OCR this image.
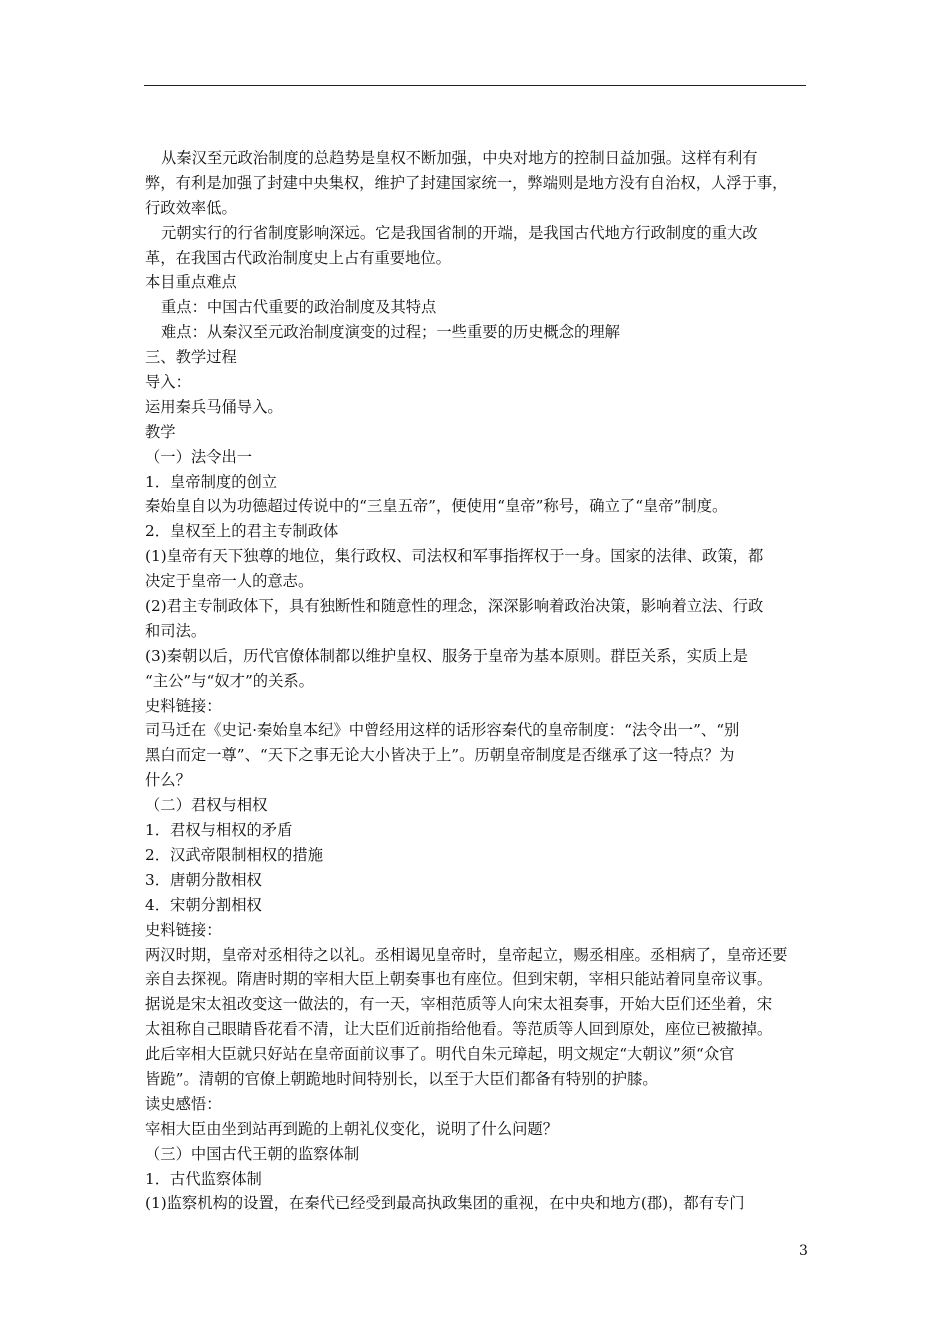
从秦汉至元政治制度的总趋势是皇权不断加强，中央对地方的控制日益加强。这样有利有
弊，有利是加强了封建中央集权，维护了封建国家统一，弊端则是地方没有自治权，人浮于事，
行政效率低。
元朝实行的行省制度影响深远。它是我国省制的开端，是我国古代地方行政制度的重大改
革，在我国古代政治制度史上占有重要地位。
本目重点难点
重点：中国古代重要的政治制度及其特点
难点：从秦汉至元政治制度演变的过程；一些重要的历史概念的理解
三、教学过程
导入：
运用秦兵马俑导入。
教学
（一）法令出一
1．皇帝制度的创立
秦始皇自以为功德超过传说中的“三皇五帝”，便使用“皇帝”称号，确立了“皇帝”制度。
2．皇权至上的君主专制政体
(1)皇帝有天下独尊的地位，集行政权、司法权和军事指挥权于一身。国家的法律、政策，都
决定于皇帝一人的意志。
(2)君主专制政体下，具有独断性和随意性的理念，深深影响着政治决策，影响着立法、行政
和司法。
(3)秦朝以后，历代官僚体制都以维护皇权、服务于皇帝为基本原则。群臣关系，实质上是
“主公”与“奴才”的关系。
史料链接：
司马迁在《史记·秦始皇本纪》中曾经用这样的话形容秦代的皇帝制度：“法令出一”、“别
黑白而定一尊”、“天下之事无论大小皆决于上”。历朝皇帝制度是否继承了这一特点？为
什么？
（二）君权与相权
1．君权与相权的矛盾
2．汉武帝限制相权的措施
3．唐朝分散相权
4．宋朝分割相权
史料链接：
两汉时期，皇帝对丞相待之以礼。丞相谒见皇帝时，皇帝起立，赐丞相座。丞相病了，皇帝还要
亲自去探视。隋唐时期的宰相大臣上朝奏事也有座位。但到宋朝，宰相只能站着同皇帝议事。
据说是宋太祖改变这一做法的，有一天，宰相范质等人向宋太祖奏事，开始大臣们还坐着，宋
太祖称自己眼睛昏花看不清，让大臣们近前指给他看。等范质等人回到原处，座位已被撤掉。
此后宰相大臣就只好站在皇帝面前议事了。明代自朱元璋起，明文规定“大朝议”须“众官
皆跪”。清朝的官僚上朝跪地时间特别长，以至于大臣们都备有特别的护膝。
读史感悟：
宰相大臣由坐到站再到跪的上朝礼仪变化，说明了什么问题？
（三）中国古代王朝的监察体制
1．古代监察体制
(1)监察机构的设置，在秦代已经受到最高执政集团的重视，在中央和地方(郡)，都有专门
3
